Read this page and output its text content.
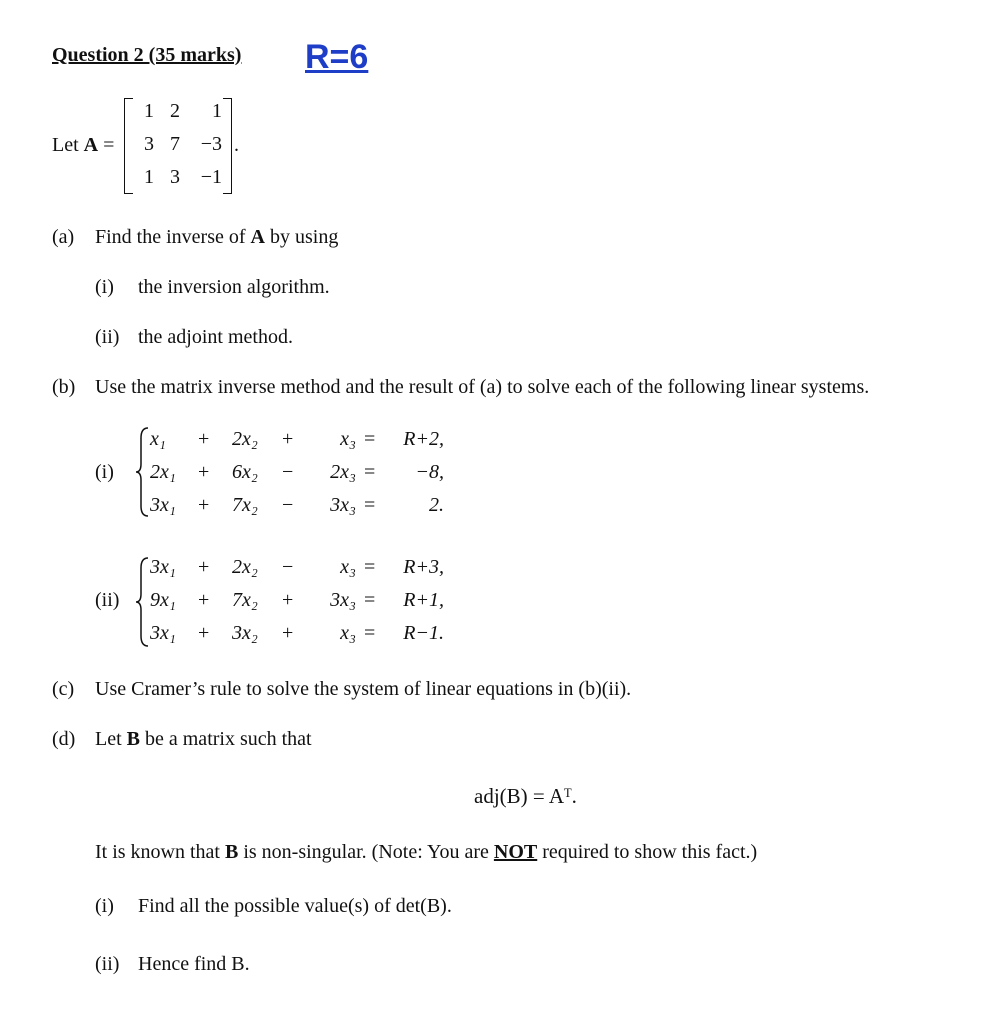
Question 2 (35 marks) R=6
Let A =
1 2	1
3 7	−3
1 3	−1
.
(a) Find the inverse of A by using
(i) the inversion algorithm.
(ii) the adjoint method.
(b) Use the matrix inverse method and the result of (a) to solve each of the following linear systems.
(i)
x₁	+	2x₂	+	x₃ =	R+2,
2x₁	+	6x₂	−	2x₃ =	−8,
3x₁	+	7x₂	−	3x₃ =	2.
(ii)
3x₁	+	2x₂	−	x₃ =	R+3,
9x₁	+	7x₂	+	3x₃ =	R+1,
3x₁	+	3x₂	+	x₃ =	R−1.
(c) Use Cramer’s rule to solve the system of linear equations in (b)(ii).
(d) Let B be a matrix such that
adj(B) = Aᵀ.
It is known that B is non-singular. (Note: You are NOT required to show this fact.)
(i) Find all the possible value(s) of det(B).
(ii) Hence find B.
